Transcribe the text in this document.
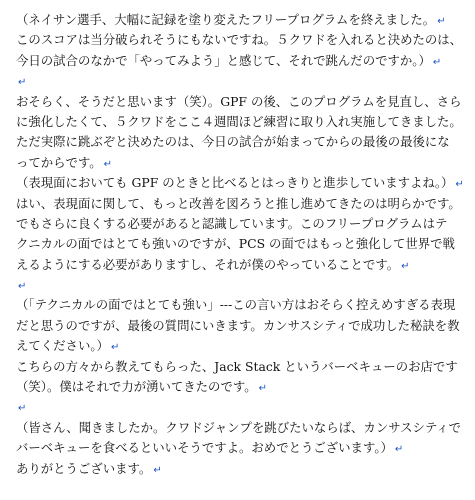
（ネイサン選手、大幅に記録を塗り変えたフリープログラムを終えました。 ↵
このスコアは当分破られそうにもないですね。５クワドを入れると決めたのは、
今日の試合のなかで「やってみよう」と感じて、それで跳んだのですか。） ↵
↵
おそらく、そうだと思います（笑）。GPF の後、このプログラムを見直し、さら
に強化したくて、５クワドをここ４週間ほど練習に取り入れ実施してきました。
ただ実際に跳ぶぞと決めたのは、今日の試合が始まってからの最後の最後にな
ってからです。 ↵
（表現面においても GPF のときと比べるとはっきりと進歩していますよね。） ↵
はい、表現面に関して、もっと改善を図ろうと推し進めてきたのは明らかです。
でもさらに良くする必要があると認識しています。このフリープログラムはテ
クニカルの面ではとても強いのですが、PCS の面ではもっと強化して世界で戦
えるようにする必要がありますし、それが僕のやっていることです。 ↵
↵
（「テクニカルの面ではとても強い」---この言い方はおそらく控えめすぎる表現
だと思うのですが、最後の質問にいきます。カンサスシティで成功した秘訣を教
えてください。） ↵
こちらの方々から教えてもらった、Jack Stack というバーベキューのお店です
（笑）。僕はそれで力が湧いてきたのです。 ↵
↵
（皆さん、聞きましたか。クワドジャンプを跳びたいならば、カンサスシティで
バーベキューを食べるといいそうですよ。おめでとうございます。） ↵
ありがとうございます。 ↵
